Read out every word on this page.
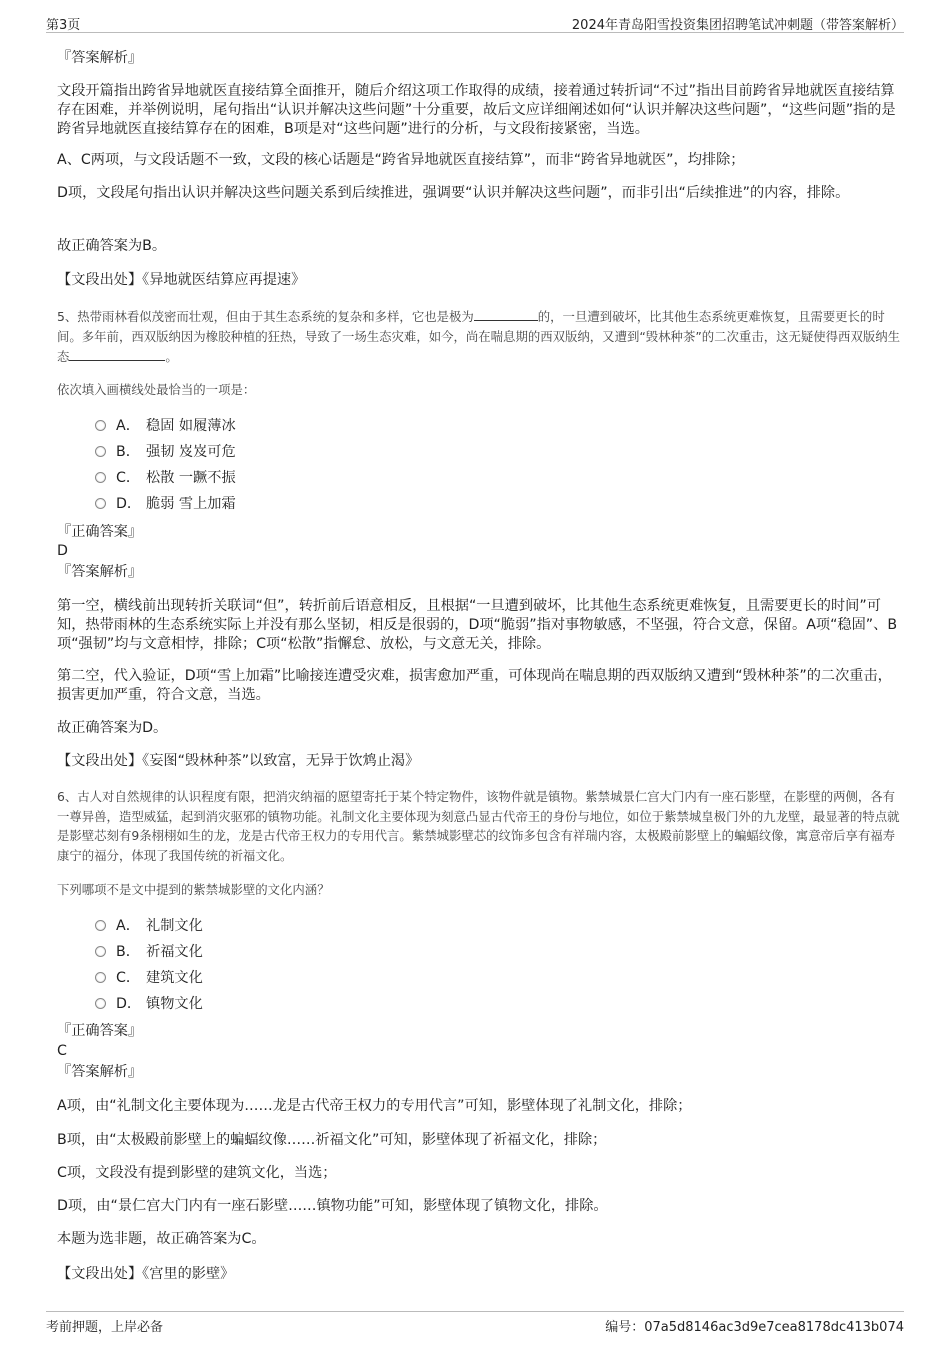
第3页	2024年青岛阳雪投资集团招聘笔试冲刺题（带答案解析）

『答案解析』

文段开篇指出跨省异地就医直接结算全面推开，随后介绍这项工作取得的成绩，接着通过转折词“不过”指出目前跨省异地就医直接结算存在困难，并举例说明，尾句指出“认识并解决这些问题”十分重要，故后文应详细阐述如何“认识并解决这些问题”，“这些问题”指的是跨省异地就医直接结算存在的困难，B项是对“这些问题”进行的分析，与文段衔接紧密，当选。

A、C两项，与文段话题不一致，文段的核心话题是“跨省异地就医直接结算”，而非“跨省异地就医”，均排除；

D项，文段尾句指出认识并解决这些问题关系到后续推进，强调要“认识并解决这些问题”，而非引出“后续推进”的内容，排除。

故正确答案为B。

【文段出处】《异地就医结算应再提速》

5、热带雨林看似茂密而壮观，但由于其生态系统的复杂和多样，它也是极为	的，一旦遭到破坏，比其他生态系统更难恢复，且需要更长的时间。多年前，西双版纳因为橡胶种植的狂热，导致了一场生态灾难，如今，尚在喘息期的西双版纳，又遭到“毁林种茶”的二次重击，这无疑使得西双版纳生态	。

依次填入画横线处最恰当的一项是：

A． 稳固 如履薄冰
B． 强韧 岌岌可危
C． 松散 一蹶不振
D． 脆弱 雪上加霜

『正确答案』

D

『答案解析』

第一空，横线前出现转折关联词“但”，转折前后语意相反，且根据“一旦遭到破坏，比其他生态系统更难恢复，且需要更长的时间”可知，热带雨林的生态系统实际上并没有那么坚韧，相反是很弱的，D项“脆弱”指对事物敏感，不坚强，符合文意，保留。A项“稳固”、B项“强韧”均与文意相悖，排除；C项“松散”指懈怠、放松，与文意无关，排除。

第二空，代入验证，D项“雪上加霜”比喻接连遭受灾难，损害愈加严重，可体现尚在喘息期的西双版纳又遭到“毁林种茶”的二次重击，损害更加严重，符合文意，当选。

故正确答案为D。

【文段出处】《妄图“毁林种茶”以致富，无异于饮鸩止渴》

6、古人对自然规律的认识程度有限，把消灾纳福的愿望寄托于某个特定物件，该物件就是镇物。紫禁城景仁宫大门内有一座石影壁，在影壁的两侧，各有一尊异兽，造型威猛，起到消灾驱邪的镇物功能。礼制文化主要体现为刻意凸显古代帝王的身份与地位，如位于紫禁城皇极门外的九龙壁，最显著的特点就是影壁芯刻有9条栩栩如生的龙，龙是古代帝王权力的专用代言。紫禁城影壁芯的纹饰多包含有祥瑞内容，太极殿前影壁上的蝙蝠纹像，寓意帝后享有福寿康宁的福分，体现了我国传统的祈福文化。

下列哪项不是文中提到的紫禁城影壁的文化内涵？

A． 礼制文化
B． 祈福文化
C． 建筑文化
D． 镇物文化

『正确答案』

C

『答案解析』

A项，由“礼制文化主要体现为……龙是古代帝王权力的专用代言”可知，影壁体现了礼制文化，排除；

B项，由“太极殿前影壁上的蝙蝠纹像……祈福文化”可知，影壁体现了祈福文化，排除；

C项，文段没有提到影壁的建筑文化，当选；

D项，由“景仁宫大门内有一座石影壁……镇物功能”可知，影壁体现了镇物文化，排除。

本题为选非题，故正确答案为C。

【文段出处】《宫里的影壁》

考前押题，上岸必备	编号：07a5d8146ac3d9e7cea8178dc413b074
